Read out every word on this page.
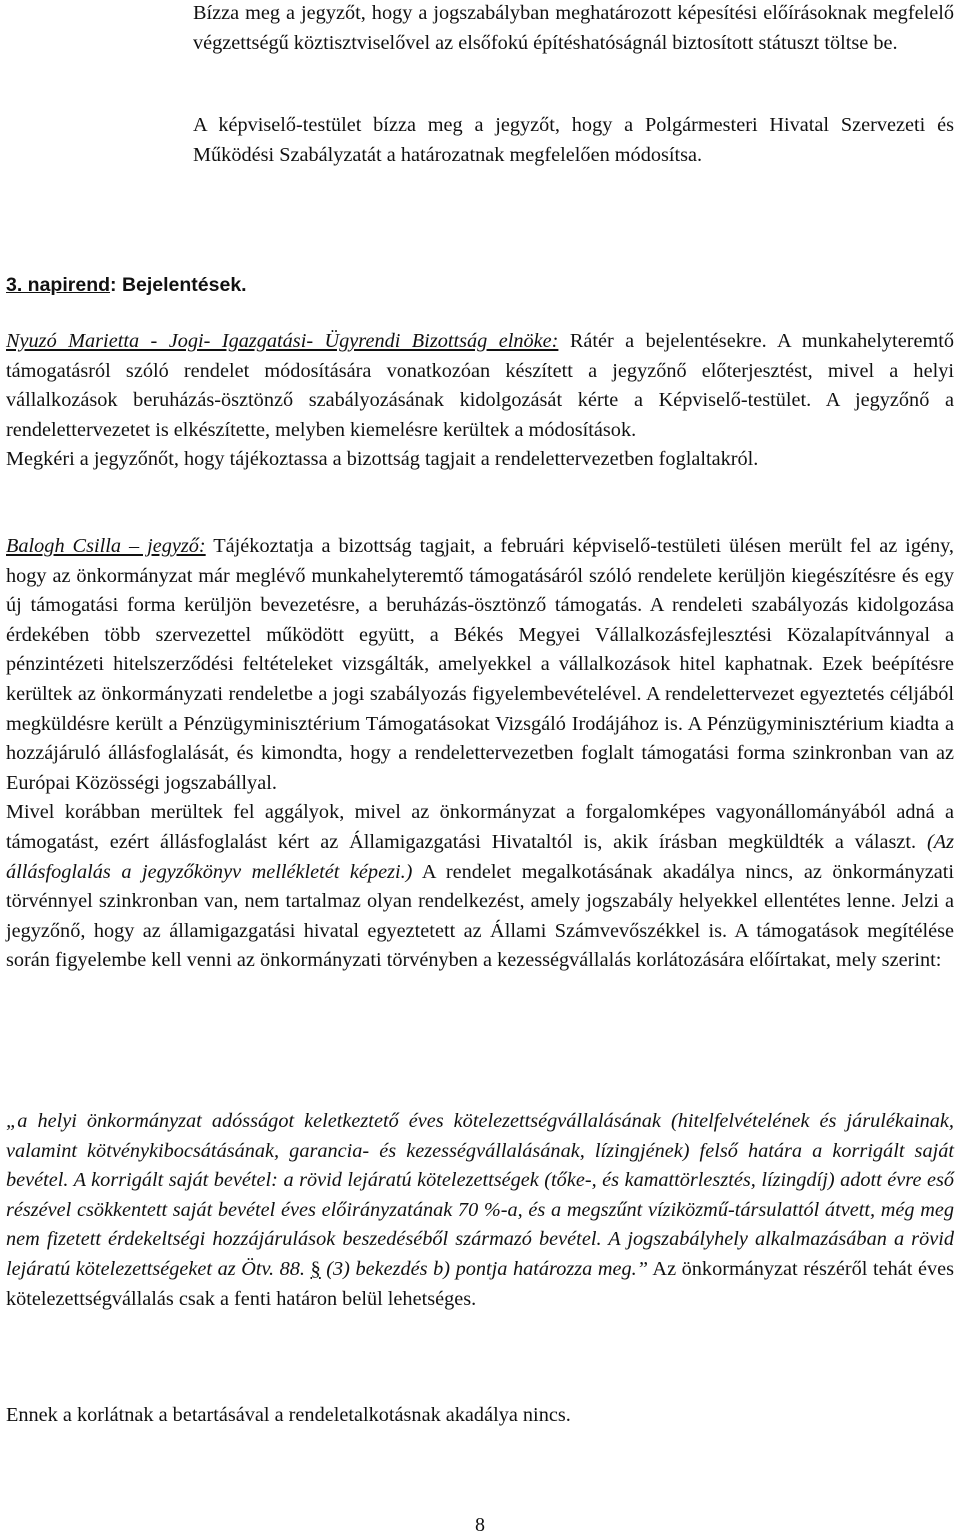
Bízza meg a jegyzőt, hogy a jogszabályban meghatározott képesítési előírásoknak megfelelő végzettségű köztisztviselővel az elsőfokú építéshatóságnál biztosított státuszt töltse be.

A képviselő-testület bízza meg a jegyzőt, hogy a Polgármesteri Hivatal Szervezeti és Működési Szabályzatát a határozatnak megfelelően módosítsa.

3. napirend: Bejelentések.

Nyuzó Marietta - Jogi- Igazgatási- Ügyrendi Bizottság elnöke: Rátér a bejelentésekre. A munkahelyteremtő támogatásról szóló rendelet módosítására vonatkozóan készített a jegyzőnő előterjesztést, mivel a helyi vállalkozások beruházás-ösztönző szabályozásának kidolgozását kérte a Képviselő-testület. A jegyzőnő a rendelettervezetet is elkészítette, melyben kiemelésre kerültek a módosítások.
Megkéri a jegyzőnőt, hogy tájékoztassa a bizottság tagjait a rendelettervezetben foglaltakról.

Balogh Csilla – jegyző: Tájékoztatja a bizottság tagjait, a februári képviselő-testületi ülésen merült fel az igény, hogy az önkormányzat már meglévő munkahelyteremtő támogatásáról szóló rendelete kerüljön kiegészítésre és egy új támogatási forma kerüljön bevezetésre, a beruházás-ösztönző támogatás. A rendeleti szabályozás kidolgozása érdekében több szervezettel működött együtt, a Békés Megyei Vállalkozásfejlesztési Közalapítvánnyal a pénzintézeti hitelszerződési feltételeket vizsgálták, amelyekkel a vállalkozások hitel kaphatnak. Ezek beépítésre kerültek az önkormányzati rendeletbe a jogi szabályozás figyelembevételével. A rendelettervezet egyeztetés céljából megküldésre került a Pénzügyminisztérium Támogatásokat Vizsgáló Irodájához is. A Pénzügyminisztérium kiadta a hozzájáruló állásfoglalását, és kimondta, hogy a rendelettervezetben foglalt támogatási forma szinkronban van az Európai Közösségi jogszabállyal.
Mivel korábban merültek fel aggályok, mivel az önkormányzat a forgalomképes vagyonállományából adná a támogatást, ezért állásfoglalást kért az Államigazgatási Hivataltól is, akik írásban megküldték a választ. (Az állásfoglalás a jegyzőkönyv mellékletét képezi.) A rendelet megalkotásának akadálya nincs, az önkormányzati törvénnyel szinkronban van, nem tartalmaz olyan rendelkezést, amely jogszabály helyekkel ellentétes lenne. Jelzi a jegyzőnő, hogy az államigazgatási hivatal egyeztetett az Állami Számvevőszékkel is. A támogatások megítélése során figyelembe kell venni az önkormányzati törvényben a kezességvállalás korlátozására előírtakat, mely szerint:

„a helyi önkormányzat adósságot keletkeztető éves kötelezettségvállalásának (hitelfelvételének és járulékainak, valamint kötvénykibocsátásának, garancia- és kezességvállalásának, lízingjének) felső határa a korrigált saját bevétel. A korrigált saját bevétel: a rövid lejáratú kötelezettségek (tőke-, és kamattörlesztés, lízingdíj) adott évre eső részével csökkentett saját bevétel éves előirányzatának 70 %-a, és a megszűnt víziközmű-társulattól átvett, még meg nem fizetett érdekeltségi hozzájárulások beszedéséből származó bevétel. A jogszabályhely alkalmazásában a rövid lejáratú kötelezettségeket az Ötv. 88. § (3) bekezdés b) pontja határozza meg.” Az önkormányzat részéről tehát éves kötelezettségvállalás csak a fenti határon belül lehetséges.

Ennek a korlátnak a betartásával a rendeletalkotásnak akadálya nincs.

8
